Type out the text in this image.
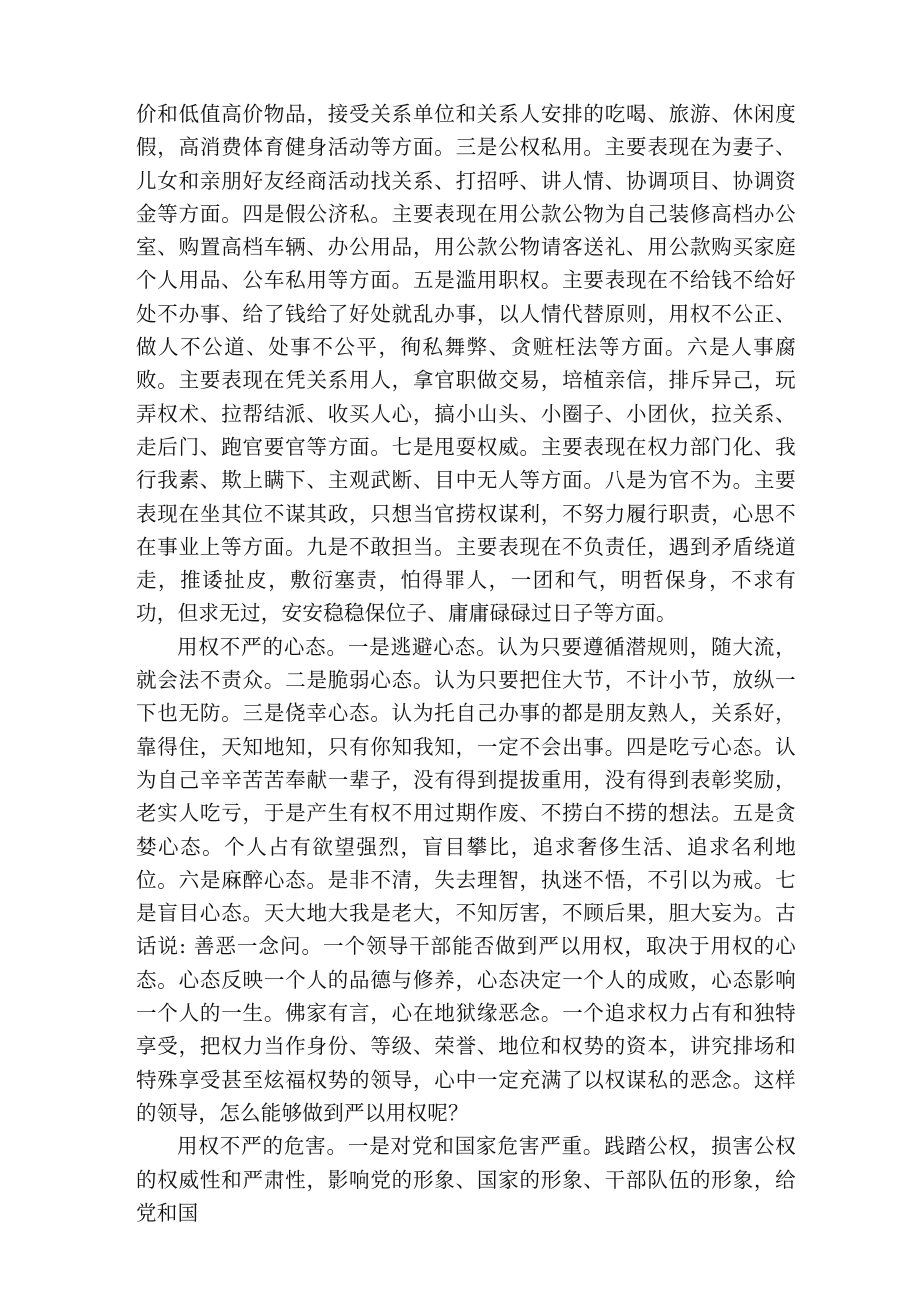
价和低值高价物品，接受关系单位和关系人安排的吃喝、旅游、休闲度假，高消费体育健身活动等方面。三是公权私用。主要表现在为妻子、儿女和亲朋好友经商活动找关系、打招呼、讲人情、协调项目、协调资金等方面。四是假公济私。主要表现在用公款公物为自己装修高档办公室、购置高档车辆、办公用品，用公款公物请客送礼、用公款购买家庭个人用品、公车私用等方面。五是滥用职权。主要表现在不给钱不给好处不办事、给了钱给了好处就乱办事，以人情代替原则，用权不公正、做人不公道、处事不公平，徇私舞弊、贪赃枉法等方面。六是人事腐败。主要表现在凭关系用人，拿官职做交易，培植亲信，排斥异己，玩弄权术、拉帮结派、收买人心，搞小山头、小圈子、小团伙，拉关系、走后门、跑官要官等方面。七是甩耍权威。主要表现在权力部门化、我行我素、欺上瞒下、主观武断、目中无人等方面。八是为官不为。主要表现在坐其位不谋其政，只想当官捞权谋利，不努力履行职责，心思不在事业上等方面。九是不敢担当。主要表现在不负责任，遇到矛盾绕道走，推诿扯皮，敷衍塞责，怕得罪人，一团和气，明哲保身，不求有功，但求无过，安安稳稳保位子、庸庸碌碌过日子等方面。

用权不严的心态。一是逃避心态。认为只要遵循潜规则，随大流，就会法不责众。二是脆弱心态。认为只要把住大节，不计小节，放纵一下也无防。三是侥幸心态。认为托自己办事的都是朋友熟人，关系好，靠得住，天知地知，只有你知我知，一定不会出事。四是吃亏心态。认为自己辛辛苦苦奉献一辈子，没有得到提拔重用，没有得到表彰奖励，老实人吃亏，于是产生有权不用过期作废、不捞白不捞的想法。五是贪婪心态。个人占有欲望强烈，盲目攀比，追求奢侈生活、追求名利地位。六是麻醉心态。是非不清，失去理智，执迷不悟，不引以为戒。七是盲目心态。天大地大我是老大，不知厉害，不顾后果，胆大妄为。古话说: 善恶一念问。一个领导干部能否做到严以用权，取决于用权的心态。心态反映一个人的品德与修养，心态决定一个人的成败，心态影响一个人的一生。佛家有言，心在地狱缘恶念。一个追求权力占有和独特享受，把权力当作身份、等级、荣誉、地位和权势的资本，讲究排场和特殊享受甚至炫福权势的领导，心中一定充满了以权谋私的恶念。这样的领导，怎么能够做到严以用权呢？

用权不严的危害。一是对党和国家危害严重。践踏公权，损害公权的权威性和严肃性，影响党的形象、国家的形象、干部队伍的形象，给党和国
